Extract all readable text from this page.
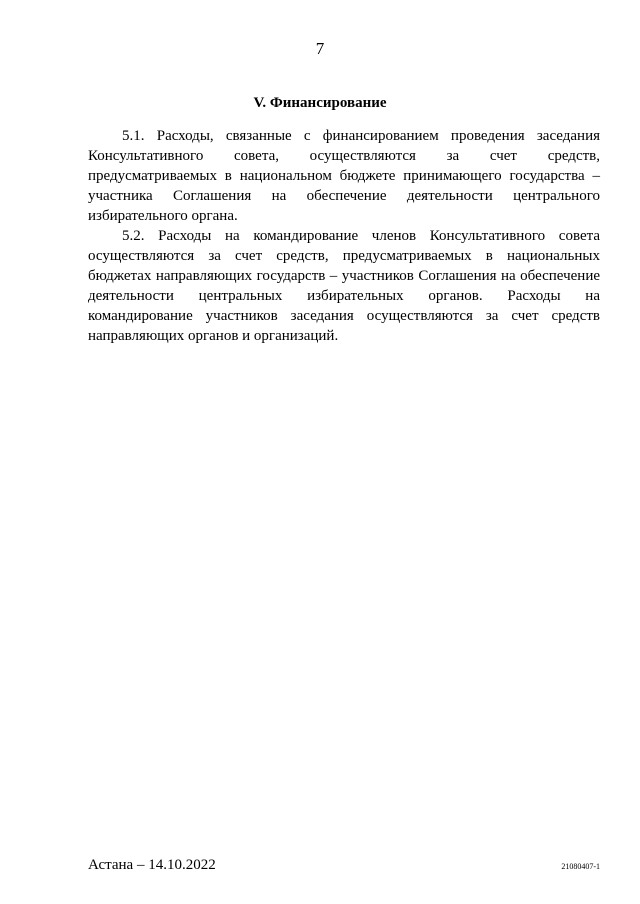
7
V. Финансирование

5.1. Расходы, связанные с финансированием проведения заседания
Консультативного совета, осуществляются за счет средств,
предусматриваемых в национальном бюджете принимающего государства –
участника Соглашения на обеспечение деятельности центрального
избирательного органа.

5.2. Расходы на командирование членов Консультативного совета
осуществляются за счет средств, предусматриваемых в национальных
бюджетах направляющих государств – участников Соглашения на обеспечение
деятельности центральных избирательных органов. Расходы на
командирование участников заседания осуществляются за счет средств
направляющих органов и организаций.

Астана – 14.10.2022	21080407-1
